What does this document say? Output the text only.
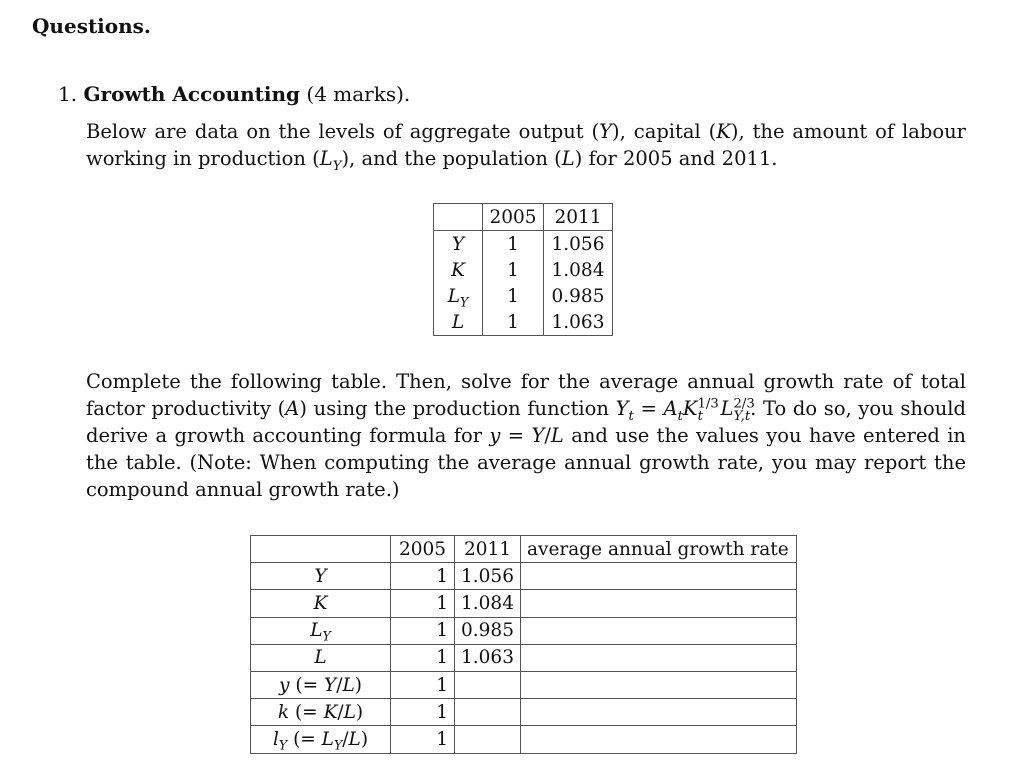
Questions.
1. Growth Accounting (4 marks).
Below are data on the levels of aggregate output (Y), capital (K), the amount of labour working in production $(L_Y)$, and the population (L) for 2005 and 2011.
	2005	2011
Y	1	1.056
K	1	1.084
$L_Y$	1	0.985
L	1	1.063
Complete the following table. Then, solve for the average annual growth rate of total factor productivity (A) using the production function $Y_t = A_tK^{1/3}_t$ $L^{2/3}_{Y,t}$. To do so, you should derive a growth accounting formula for y = Y/L and use the values you have entered in the table. (Note: When computing the average annual growth rate, you may report the compound annual growth rate.)
	2005	2011	average annual growth rate
Y	1	1.056	
K	1	1.084	
$L_Y$	1	0.985	
L	1	1.063	
y (= Y/L)	1		
k (= K/L)	1		
$l_Y$ (= $L_Y/L$)	1		
